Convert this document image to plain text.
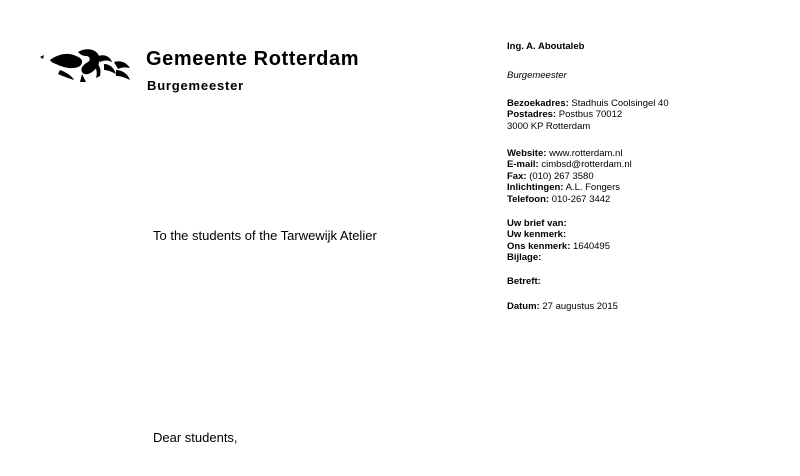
Gemeente Rotterdam
Burgemeester
Ing. A. Aboutaleb
Burgemeester
Bezoekadres: Stadhuis Coolsingel 40
Postadres: Postbus 70012
3000 KP Rotterdam
Website: www.rotterdam.nl
E-mail: cimbsd@rotterdam.nl
Fax: (010) 267 3580
Inlichtingen: A.L. Fongers
Telefoon: 010-267 3442
Uw brief van:
Uw kenmerk:
Ons kenmerk: 1640495
Bijlage:
Betreft:
Datum: 27 augustus 2015
To the students of the Tarwewijk Atelier
Dear students,
